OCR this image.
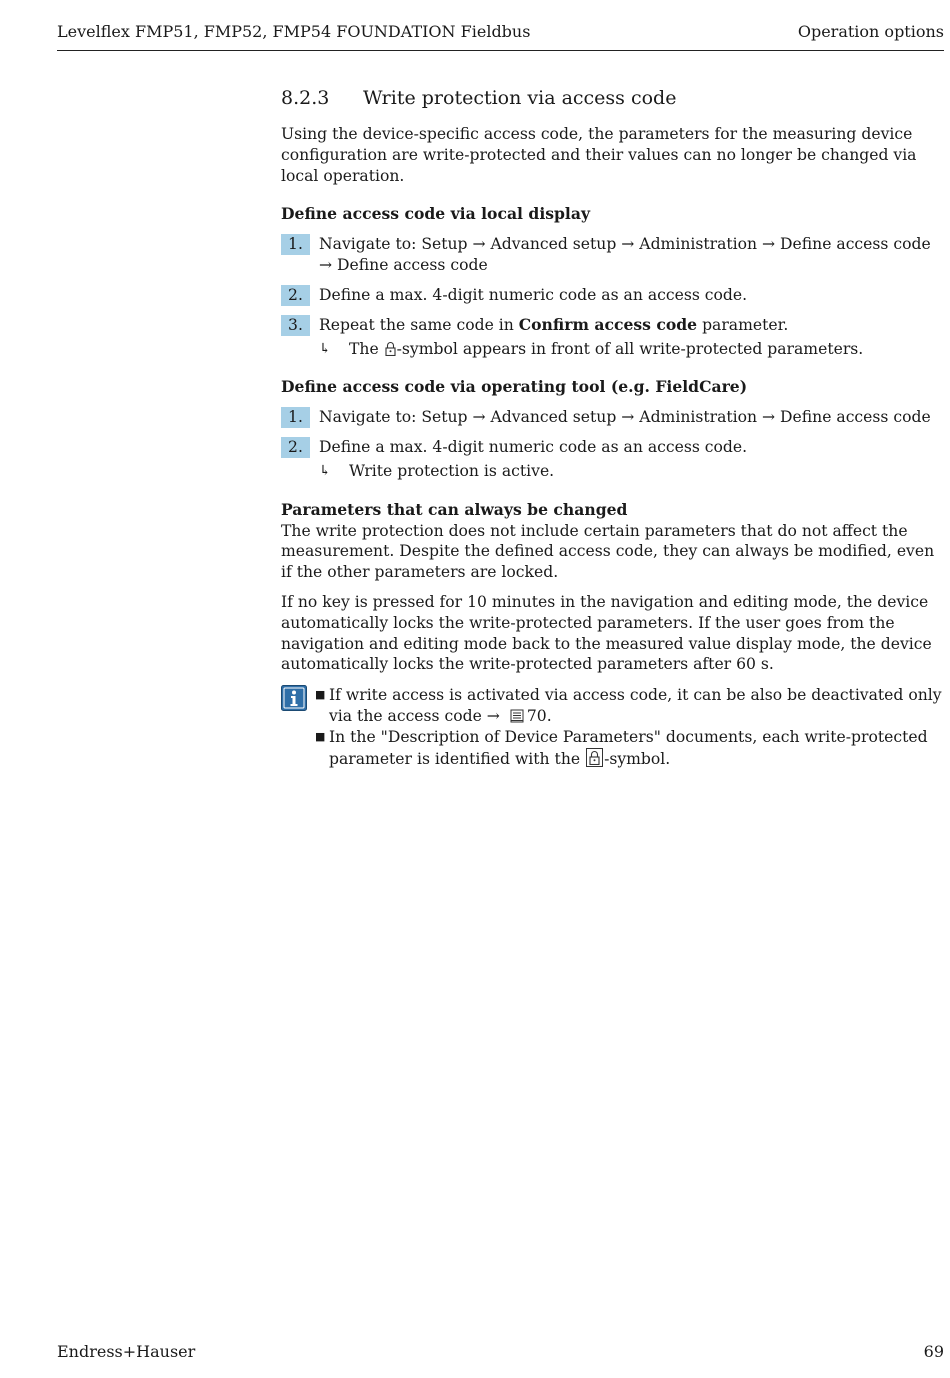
Levelflex FMP51, FMP52, FMP54 FOUNDATION Fieldbus	Operation options
8.2.3	Write protection via access code

Using the device-specific access code, the parameters for the measuring device configuration are write-protected and their values can no longer be changed via local operation.

Define access code via local display
1.	Navigate to: Setup → Advanced setup → Administration → Define access code → Define access code
2.	Define a max. 4-digit numeric code as an access code.
3.	Repeat the same code in Confirm access code parameter.
↳	The -symbol appears in front of all write-protected parameters.
Define access code via operating tool (e.g. FieldCare)
1.	Navigate to: Setup → Advanced setup → Administration → Define access code
2.	Define a max. 4-digit numeric code as an access code.
↳	Write protection is active.
Parameters that can always be changed

The write protection does not include certain parameters that do not affect the measurement. Despite the defined access code, they can always be modified, even if the other parameters are locked.

If no key is pressed for 10 minutes in the navigation and editing mode, the device automatically locks the write-protected parameters. If the user goes from the navigation and editing mode back to the measured value display mode, the device automatically locks the write-protected parameters after 60 s.

■ If write access is activated via access code, it can be also be deactivated only via the access code → 70.
■ In the "Description of Device Parameters" documents, each write-protected parameter is identified with the
-symbol.
Endress+Hauser	69
